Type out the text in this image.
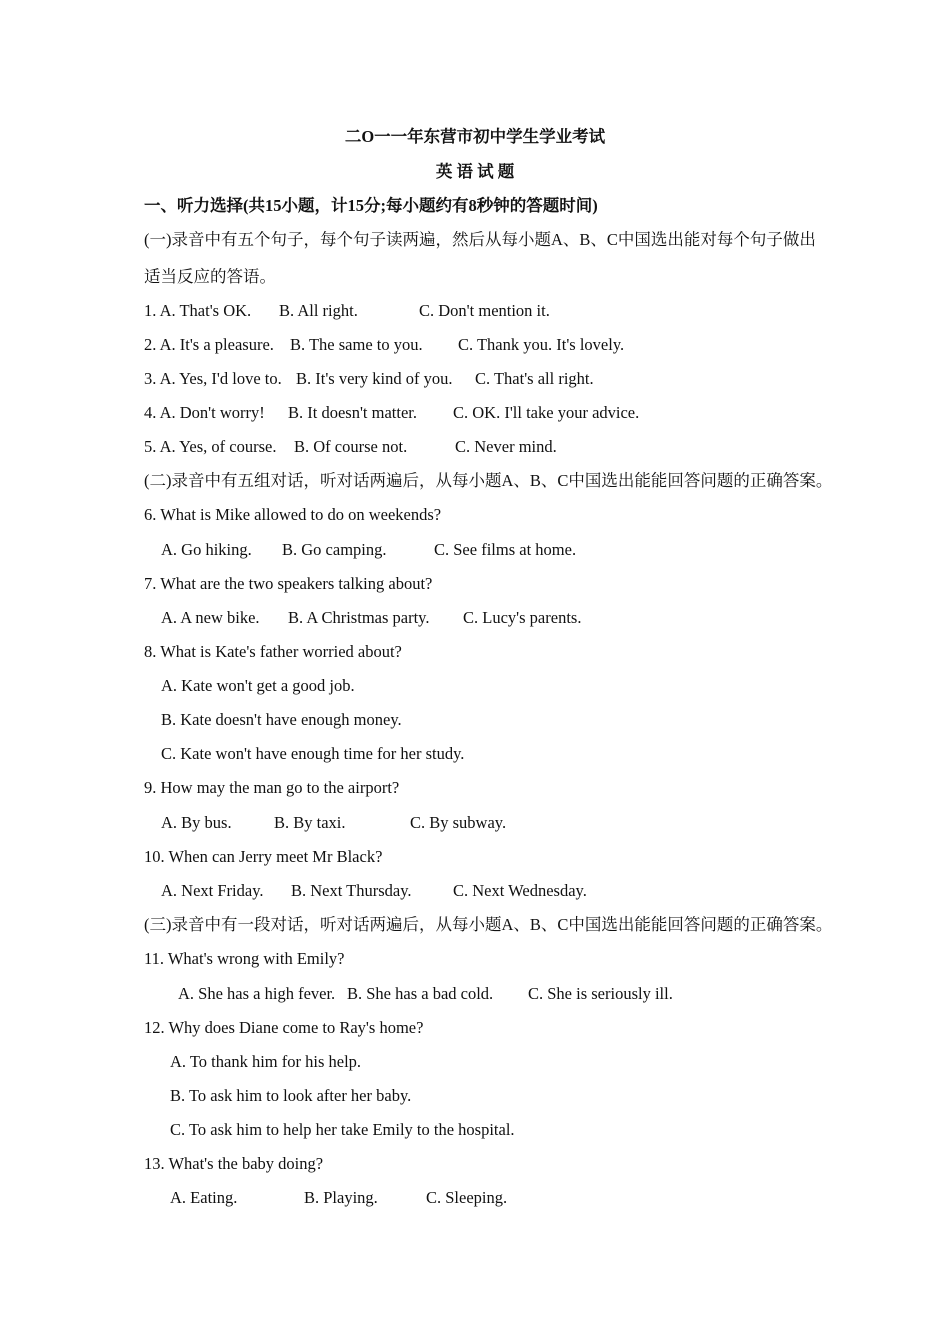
二O一一年东营市初中学生学业考试
英 语 试 题
一、听力选择(共15小题，计15分;每小题约有8秒钟的答题时间)
(一)录音中有五个句子，每个句子读两遍，然后从每小题A、B、C中国选出能对每个句子做出
适当反应的答语。
1. A. That's OK. B. All right.	C. Don't mention it.
2. A. It's a pleasure. B. The same to you. C. Thank you. It's lovely.
3. A. Yes, I'd love to. B. It's very kind of you. C. That's all right.
4. A. Don't worry! B. It doesn't matter. C. OK. I'll take your advice.
5. A. Yes, of course. B. Of course not.	C. Never mind.
(二)录音中有五组对话，听对话两遍后，从每小题A、B、C中国选出能能回答问题的正确答案。
6. What is Mike allowed to do on weekends?
A. Go hiking. B. Go camping.	C. See films at home.
7. What are the two speakers talking about?
A. A new bike. B. A Christmas party. C. Lucy's parents.
8. What is Kate's father worried about?
A. Kate won't get a good job.
B. Kate doesn't have enough money.
C. Kate won't have enough time for her study.
9. How may the man go to the airport?
A. By bus.	B. By taxi.	C. By subway.
10. When can Jerry meet Mr Black?
A. Next Friday. B. Next Thursday.	C. Next Wednesday.
(三)录音中有一段对话，听对话两遍后，从每小题A、B、C中国选出能能回答问题的正确答案。
11. What's wrong with Emily?
A. She has a high fever. B. She has a bad cold. C. She is seriously ill.
12. Why does Diane come to Ray's home?
A. To thank him for his help.
B. To ask him to look after her baby.
C. To ask him to help her take Emily to the hospital.
13. What's the baby doing?
A. Eating.	B. Playing.	C. Sleeping.
